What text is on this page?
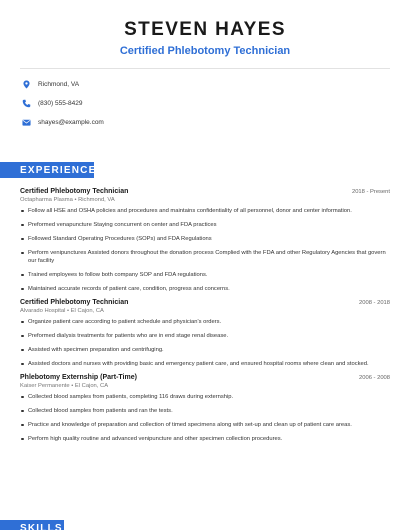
STEVEN HAYES
Certified Phlebotomy Technician
Richmond, VA
(830) 555-8429
shayes@example.com
EXPERIENCE
Certified Phlebotomy Technician	2018 - Present
Octapharma Plasma • Richmond, VA
Follow all HSE and OSHA policies and procedures and maintains confidentiality of all personnel, donor and center information.
Preformed venapuncture Staying concurrent on center and FDA practices
Followed Standard Operating Procedures (SOPs) and FDA Regulations
Perform venipunctures Assisted donors throughout the donation process Complied with the FDA and other Regulatory Agencies that govern our facility
Trained employees to follow both company SOP and FDA regulations.
Maintained accurate records of patient care, condition, progress and concerns.
Certified Phlebotomy Technician	2008 - 2018
Alvarado Hospital • El Cajon, CA
Organize patient care according to patient schedule and physician's orders.
Preformed dialysis treatments for patients who are in end stage renal disease.
Assisted with specimen preparation and centrifuging.
Assisted doctors and nurses with providing basic and emergency patient care, and ensured hospital rooms where clean and stocked.
Phlebotomy Externship (Part-Time)	2006 - 2008
Kaiser Permanente • El Cajon, CA
Collected blood samples from patients, completing 116 draws during externship.
Collected blood samples from patients and ran the tests.
Practice and knowledge of preparation and collection of timed specimens along with set-up and clean up of patient care areas.
Perform high quality routine and advanced venipuncture and other specimen collection procedures.
SKILLS
